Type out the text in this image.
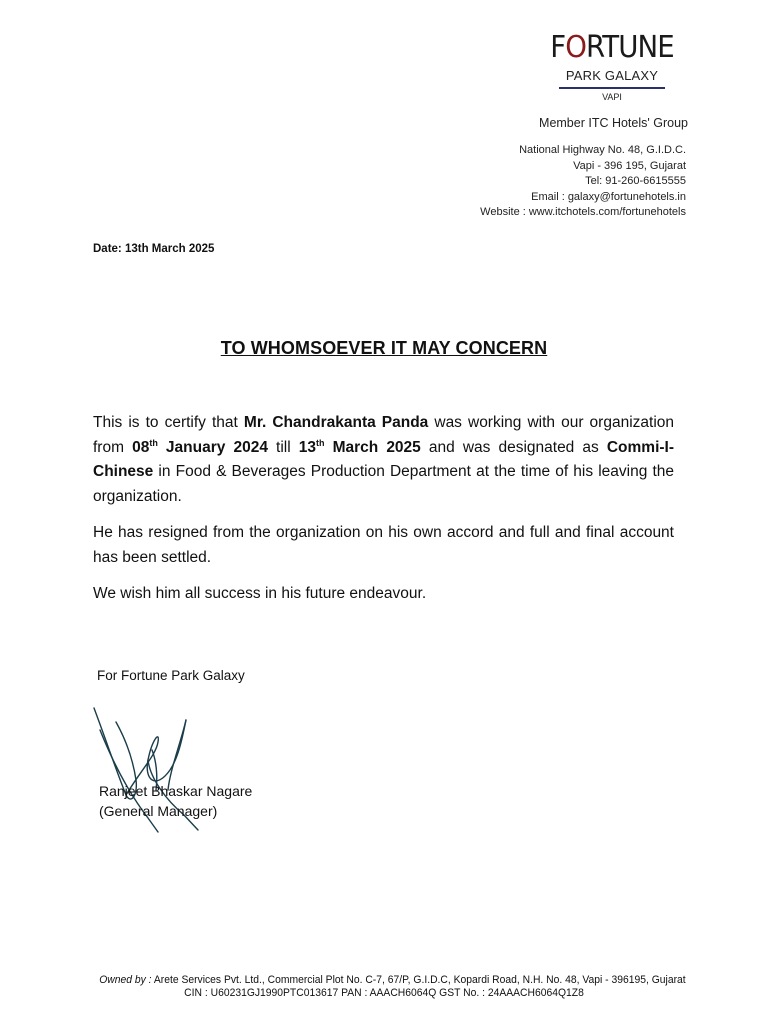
FORTUNE
PARK GALAXY
VAPI
Member ITC Hotels' Group
National Highway No. 48, G.I.D.C.
Vapi - 396 195, Gujarat
Tel: 91-260-6615555
Email : galaxy@fortunehotels.in
Website : www.itchotels.com/fortunehotels
Date: 13th March 2025
TO WHOMSOEVER IT MAY CONCERN

This is to certify that Mr. Chandrakanta Panda was working with our organization from 08th January 2024 till 13th March 2025 and was designated as Commi-I- Chinese in Food & Beverages Production Department at the time of his leaving the organization.

He has resigned from the organization on his own accord and full and final account has been settled.

We wish him all success in his future endeavour.

For Fortune Park Galaxy
Ranjeet Bhaskar Nagare
(General Manager)
Owned by : Arete Services Pvt. Ltd., Commercial Plot No. C-7, 67/P, G.I.D.C, Kopardi Road, N.H. No. 48, Vapi - 396195, Gujarat
CIN : U60231GJ1990PTC013617 PAN : AAACH6064Q GST No. : 24AAACH6064Q1Z8
